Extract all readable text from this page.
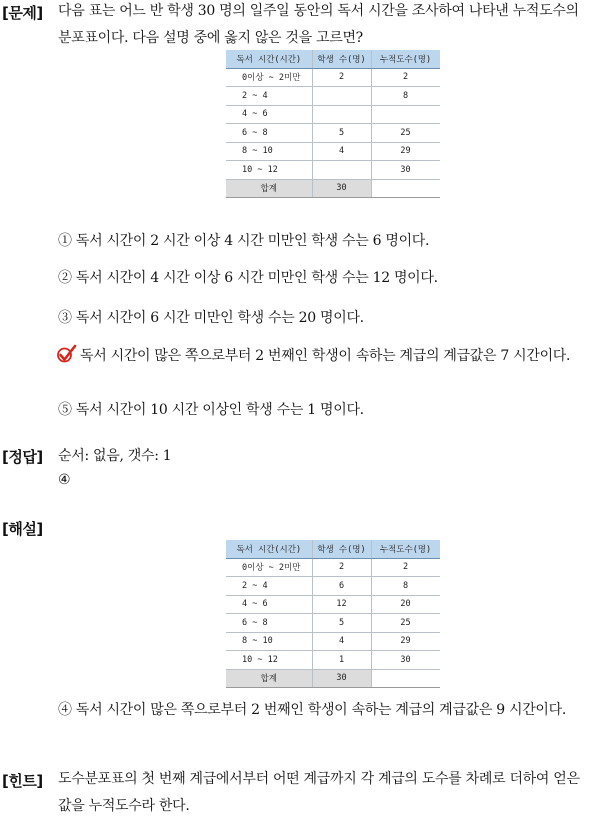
[문제] 다음 표는 어느 반 학생 30 명의 일주일 동안의 독서 시간을 조사하여 나타낸 누적도수의 분포표이다. 다음 설명 중에 옳지 않은 것을 고르면?
독서 시간(시간)	학생 수(명)	누적도수(명)
0이상 ~ 2미만	2	2
2 ~ 4		8
4 ~ 6		
6 ~ 8	5	25
8 ~ 10	4	29
10 ~ 12		30
합계	30	
① 독서 시간이 2 시간 이상 4 시간 미만인 학생 수는 6 명이다.
② 독서 시간이 4 시간 이상 6 시간 미만인 학생 수는 12 명이다.
③ 독서 시간이 6 시간 미만인 학생 수는 20 명이다.
독서 시간이 많은 쪽으로부터 2 번째인 학생이 속하는 계급의 계급값은 7 시간이다.
⑤ 독서 시간이 10 시간 이상인 학생 수는 1 명이다.
[정답] 순서: 없음, 갯수: 1
④
[해설]
독서 시간(시간)	학생 수(명)	누적도수(명)
0이상 ~ 2미만	2	2
2 ~ 4	6	8
4 ~ 6	12	20
6 ~ 8	5	25
8 ~ 10	4	29
10 ~ 12	1	30
합계	30	
④ 독서 시간이 많은 쪽으로부터 2 번째인 학생이 속하는 계급의 계급값은 9 시간이다.
[힌트] 도수분포표의 첫 번째 계급에서부터 어떤 계급까지 각 계급의 도수를 차례로 더하여 얻은 값을 누적도수라 한다.
